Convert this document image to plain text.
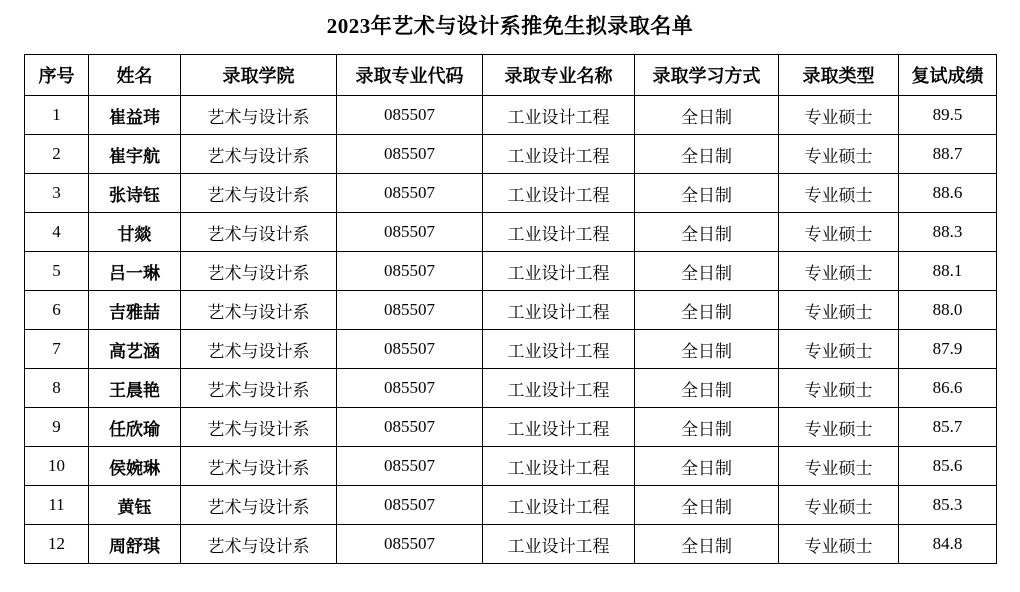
2023年艺术与设计系推免生拟录取名单
序号	姓名	录取学院	录取专业代码	录取专业名称	录取学习方式	录取类型	复试成绩
1	崔益玮	艺术与设计系	085507	工业设计工程	全日制	专业硕士	89.5
2	崔宇航	艺术与设计系	085507	工业设计工程	全日制	专业硕士	88.7
3	张诗钰	艺术与设计系	085507	工业设计工程	全日制	专业硕士	88.6
4	甘燚	艺术与设计系	085507	工业设计工程	全日制	专业硕士	88.3
5	吕一琳	艺术与设计系	085507	工业设计工程	全日制	专业硕士	88.1
6	吉雅喆	艺术与设计系	085507	工业设计工程	全日制	专业硕士	88.0
7	高艺涵	艺术与设计系	085507	工业设计工程	全日制	专业硕士	87.9
8	王晨艳	艺术与设计系	085507	工业设计工程	全日制	专业硕士	86.6
9	任欣瑜	艺术与设计系	085507	工业设计工程	全日制	专业硕士	85.7
10	侯婉琳	艺术与设计系	085507	工业设计工程	全日制	专业硕士	85.6
11	黄钰	艺术与设计系	085507	工业设计工程	全日制	专业硕士	85.3
12	周舒琪	艺术与设计系	085507	工业设计工程	全日制	专业硕士	84.8
